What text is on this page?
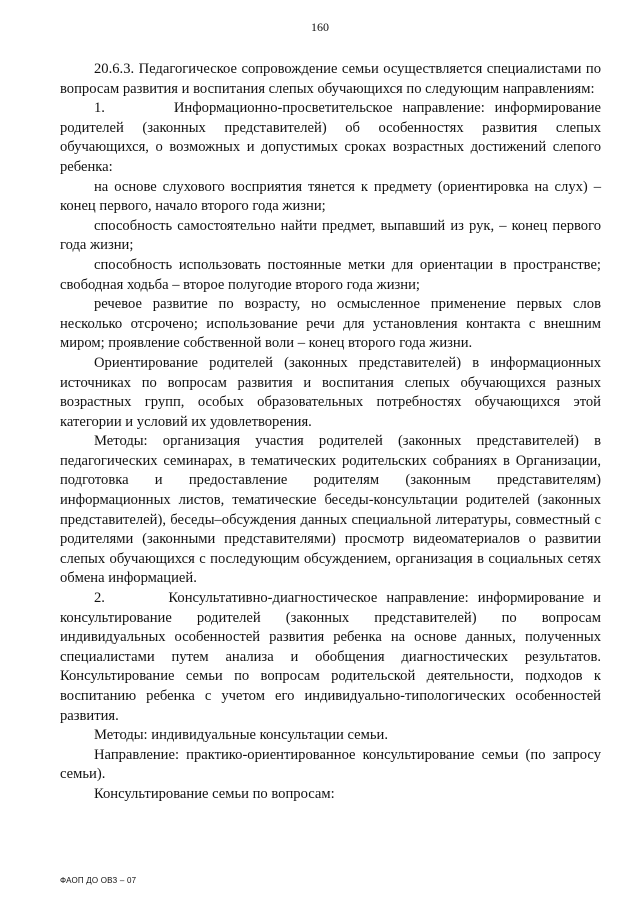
160

20.6.3. Педагогическое сопровождение семьи осуществляется специалистами по вопросам развития и воспитания слепых обучающихся по следующим направлениям:

1.       Информационно-просветительское направление: информирование родителей (законных представителей) об особенностях развития слепых обучающихся, о возможных и допустимых сроках возрастных достижений слепого ребенка:

на основе слухового восприятия тянется к предмету (ориентировка на слух) – конец первого, начало второго года жизни;

способность самостоятельно найти предмет, выпавший из рук, – конец первого года жизни;

способность использовать постоянные метки для ориентации в пространстве; свободная ходьба – второе полугодие второго года жизни;

речевое развитие по возрасту, но осмысленное применение первых слов несколько отсрочено; использование речи для установления контакта с внешним миром; проявление собственной воли – конец второго года жизни.

Ориентирование родителей (законных представителей) в информационных источниках по вопросам развития и воспитания слепых обучающихся разных возрастных групп, особых образовательных потребностях обучающихся этой категории и условий их удовлетворения.

Методы: организация участия родителей (законных представителей) в педагогических семинарах, в тематических родительских собраниях в Организации, подготовка и предоставление родителям (законным представителям) информационных листов, тематические беседы-консультации родителей (законных представителей), беседы–обсуждения данных специальной литературы, совместный с родителями (законными представителями) просмотр видеоматериалов о развитии слепых обучающихся с последующим обсуждением, организация в социальных сетях обмена информацией.

2.       Консультативно-диагностическое направление: информирование и консультирование родителей (законных представителей) по вопросам индивидуальных особенностей развития ребенка на основе данных, полученных специалистами путем анализа и обобщения диагностических результатов. Консультирование семьи по вопросам родительской деятельности, подходов к воспитанию ребенка с учетом его индивидуально-типологических особенностей развития.

Методы: индивидуальные консультации семьи.

Направление: практико-ориентированное консультирование семьи (по запросу семьи).

Консультирование семьи по вопросам:

ФАОП ДО ОВЗ – 07
